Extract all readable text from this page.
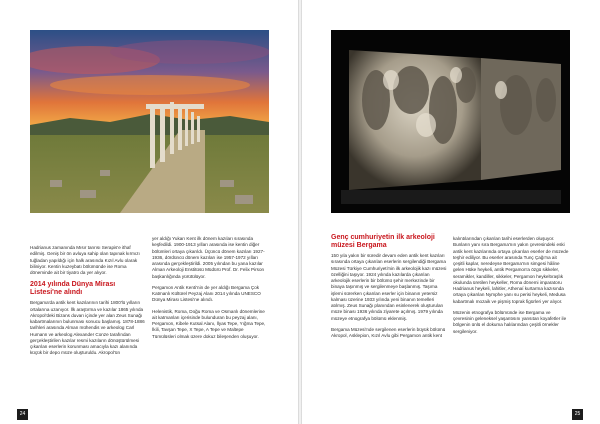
Hadrianus zamanında Mısır tanrısı Serapis'e ithaf edilmiş. Geniş bir ön avluya sahip olan tapınak kırmızı tuğladan yapıldığı için halk arasında Kızıl Avlu olarak biliniyor. Kentin kuzeybatı bölümünde ise Roma döneminde ait bir tiyatro da yer alıyor.

2014 yılında Dünya Mirası Listesi'ne alındı

Bergama'da antik kent kazılarının tarihi 1800'lü yılların ortalarına uzanıyor. İlk araştırma ve kazılar 1865 yılında Akropol'deki Bizans duvarı içinde yer alan Zeus Sunağı kabartmalarının bulunması sonucu başlamış. 1878-1886 tarihleri arasında Alman mühendis ve arkeolog Carl Humann ve arkeolog Alexander Conze tarafından gerçekleştirilen kazılar resmi kazıların dönüştürülmesi çıkarılan eserlerin korunması amacıyla kazı alanında küçük bir depo müze oluşturuldu. Akropol'ün

yer aldığı Yukarı Kent ilk dönem kazıları sırasında keşfedildi. 1900-1913 yılları arasında ise kentin diğer bölümleri ortaya çıkarıldı. Üçüncü dönem kazıları 1927-1936, dördüncü dönem kazıları ise 1957-1972 yılları arasında gerçekleştirildi. 2005 yılından bu yana kazılar Alman Arkeoloji Enstitüsü Müdürü Prof. Dr. Felix Pirson başkanlığında yürütülüyor.

Pergamon Antik Kenti'nin de yer aldığı Bergama Çok Katmanlı Kültürel Peyzaj Alanı 2014 yılında UNESCO Dünya Mirası Listesi'ne alındı.

Helenistik, Roma, Doğu Roma ve Osmanlı dönemlerine ait katmanları içerisinde bulunduran bu peyzaj alanı, Pergamon, Kibele Kutsal Alanı, İlyas Tepe, Yığma Tepe, İkili, Tavşan Tepe, X Tepe, A Tepe ve Maltepe Tümülüsleri olmak üzere dokuz bileşenden oluşuyor.

24
Genç cumhuriyetin ilk arkeoloji müzesi Bergama

150 yıla yakın bir süredir devam eden antik kent kazıları sırasında ortaya çıkarılan eserlerin sergilendiği Bergama Müzesi Türkiye Cumhuriyeti'nin ilk arkeolojik kazı müzesi özelliğini taşıyor. 1924 yılında kazılarda çıkarılan arkeolojik eserlerin bir bölümü şehir merkezinde bir binaya taşınmış ve sergilenmeye başlanmış. Taşıma işlemi sürerken çıkarılan eserler için binanın yetersiz kalması üzerine 1933 yılında yeni binanın temelleri atılmış. Zeus Sunağı planından esinlenerek oluşturulan müze binası 1936 yılında ziyarete açılmış. 1979 yılında müzeye etnografya bölümü eklenmiş.

Bergama Müzesi'nde sergilenen eserlerin büyük bölümü Akropol, Asklepion, Kızıl Avlu gibi Pergamon antik kent

kalıntılarından çıkarılan tarihi eserlerden oluşuyor. Bunların yanı sıra Bergama'nın yakın çevresindeki eski antik kent kazılarında ortaya çıkarılan eserler de müzede teşhir ediliyor. Bu eserler arasında Tunç Çağı'na ait çeşitli kaplar, neredeyse Bergama'nın simgesi hâline gelen Hüke heykeli, antik Pergamon'a özgü sikkeler, seramikler, kandiller, sikkeler, Pergamon heykeltıraşlık okulunda üretilen heykeller, Roma dönemi imparatoru Hadrianus heykeli, lahitler, Athenaí kurtarma kazısında ortaya çıkarılan Nymphe yanı su perisi heykeli, Medusa kabartmalı mozaik ve pişmiş toprak figürleri yer alıyor.

Müzenin etnografya bölümünde ise Bergama ve çevresinin geleneksel yaşantısını yansıtan koyafetler ile bölgenin ünlü el dokuma halılarından çeşitli örnekler sergileniyor.

25
